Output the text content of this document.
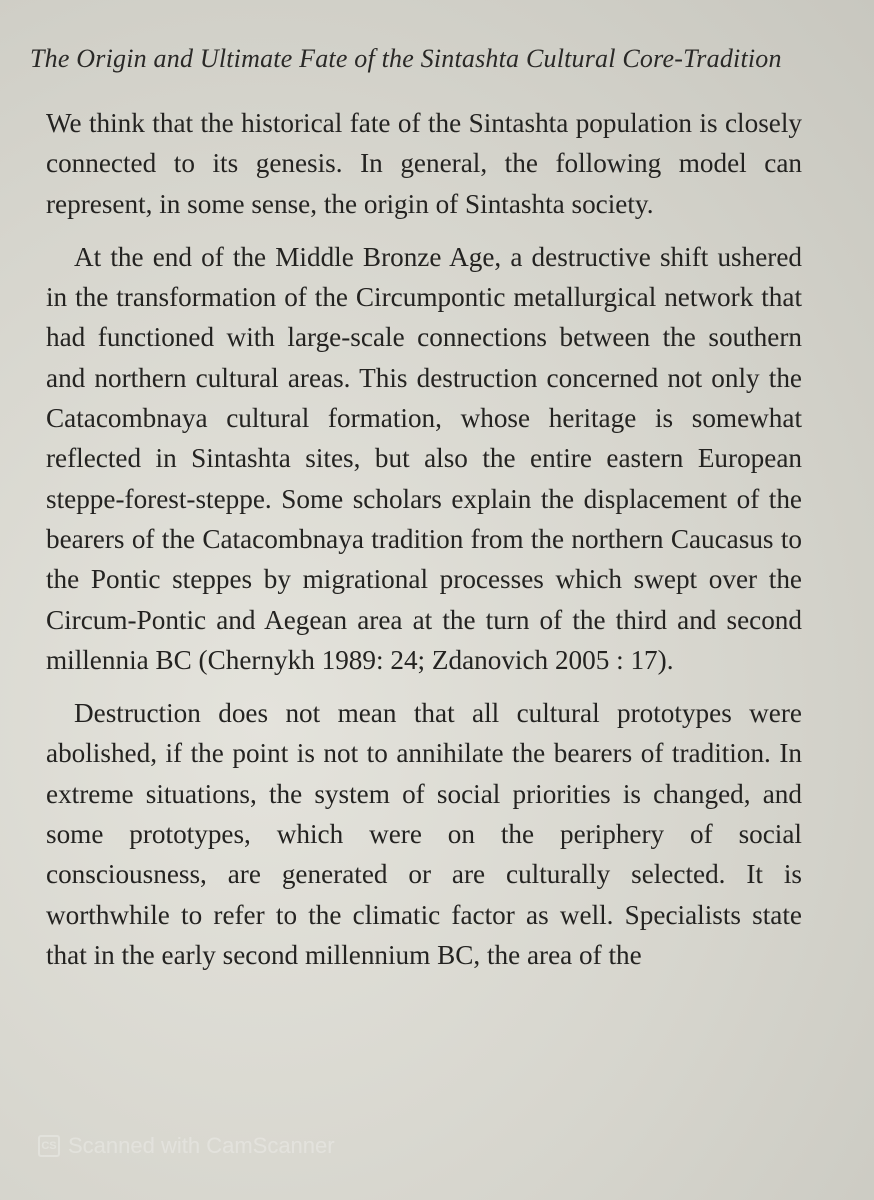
The Origin and Ultimate Fate of the Sintashta Cultural Core-Tradition

We think that the historical fate of the Sintashta population is closely connected to its genesis. In general, the following model can represent, in some sense, the origin of Sintashta society.

At the end of the Middle Bronze Age, a destructive shift ushered in the transformation of the Circumpontic metallurgical network that had functioned with large-scale connections between the southern and northern cultural areas. This destruction concerned not only the Catacombnaya cultural formation, whose heritage is somewhat reflected in Sintashta sites, but also the entire eastern European steppe-forest-steppe. Some scholars explain the displacement of the bearers of the Catacombnaya tradition from the northern Caucasus to the Pontic steppes by migrational processes which swept over the Circum-Pontic and Aegean area at the turn of the third and second millennia BC (Chernykh 1989: 24; Zdanovich 2005 : 17).

Destruction does not mean that all cultural prototypes were abolished, if the point is not to annihilate the bearers of tradition. In extreme situations, the system of social priorities is changed, and some prototypes, which were on the periphery of social consciousness, are generated or are culturally selected. It is worthwhile to refer to the climatic factor as well. Specialists state that in the early second millennium BC, the area of the

CS Scanned with CamScanner
